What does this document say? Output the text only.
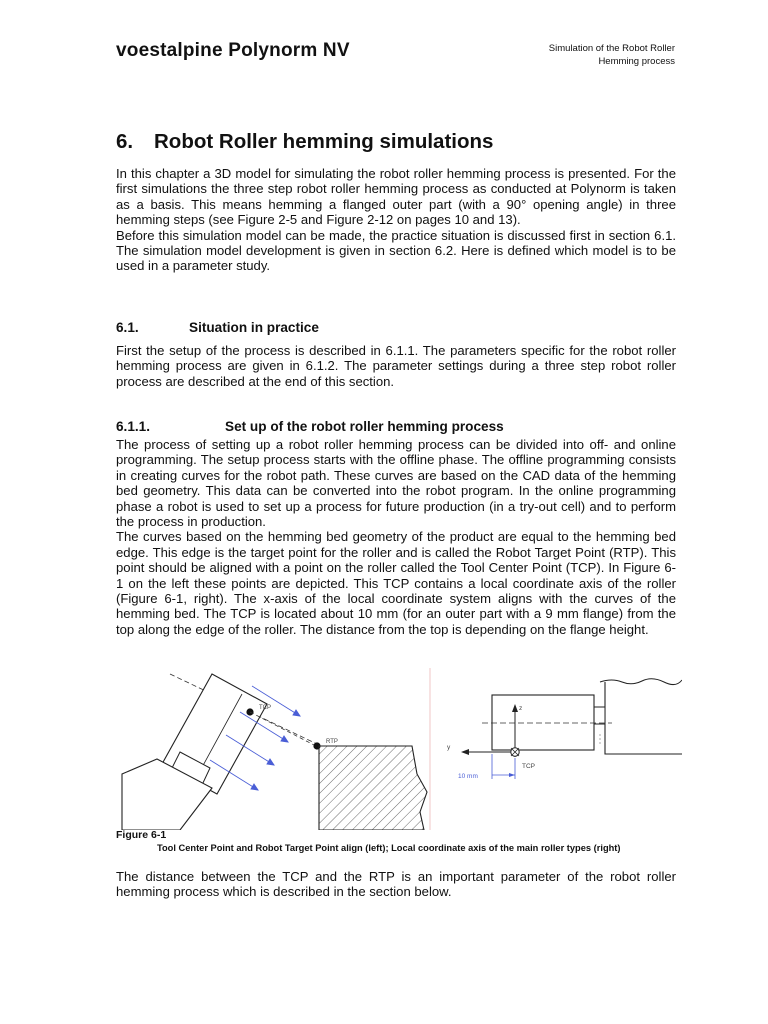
voestalpine Polynorm NV	Simulation of the Robot Roller
Hemming process
6. Robot Roller hemming simulations

In this chapter a 3D model for simulating the robot roller hemming process is presented. For the first simulations the three step robot roller hemming process as conducted at Polynorm is taken as a basis. This means hemming a flanged outer part (with a 90° opening angle) in three hemming steps (see Figure 2-5 and Figure 2-12 on pages 10 and 13).

Before this simulation model can be made, the practice situation is discussed first in section 6.1. The simulation model development is given in section 6.2. Here is defined which model is to be used in a parameter study.

6.1.	Situation in practice

First the setup of the process is described in 6.1.1. The parameters specific for the robot roller hemming process are given in 6.1.2. The parameter settings during a three step robot roller process are described at the end of this section.

6.1.1.	Set up of the robot roller hemming process

The process of setting up a robot roller hemming process can be divided into off- and online programming. The setup process starts with the offline phase. The offline programming consists in creating curves for the robot path. These curves are based on the CAD data of the hemming bed geometry. This data can be converted into the robot program. In the online programming phase a robot is used to set up a process for future production (in a try-out cell) and to perform the process in production.

The curves based on the hemming bed geometry of the product are equal to the hemming bed edge. This edge is the target point for the roller and is called the Robot Target Point (RTP). This point should be aligned with a point on the roller called the Tool Center Point (TCP). In Figure 6-1 on the left these points are depicted. This TCP contains a local coordinate axis of the roller (Figure 6-1, right). The x-axis of the local coordinate system aligns with the curves of the hemming bed. The TCP is located about 10 mm (for an outer part with a 9 mm flange) from the top along the edge of the roller. The distance from the top is depending on the flange height.

TCP
RTP
z
y
TCP
10 mm
Figure 6-1
Tool Center Point and Robot Target Point align (left); Local coordinate axis of the main roller types (right)

The distance between the TCP and the RTP is an important parameter of the robot roller hemming process which is described in the section below.
